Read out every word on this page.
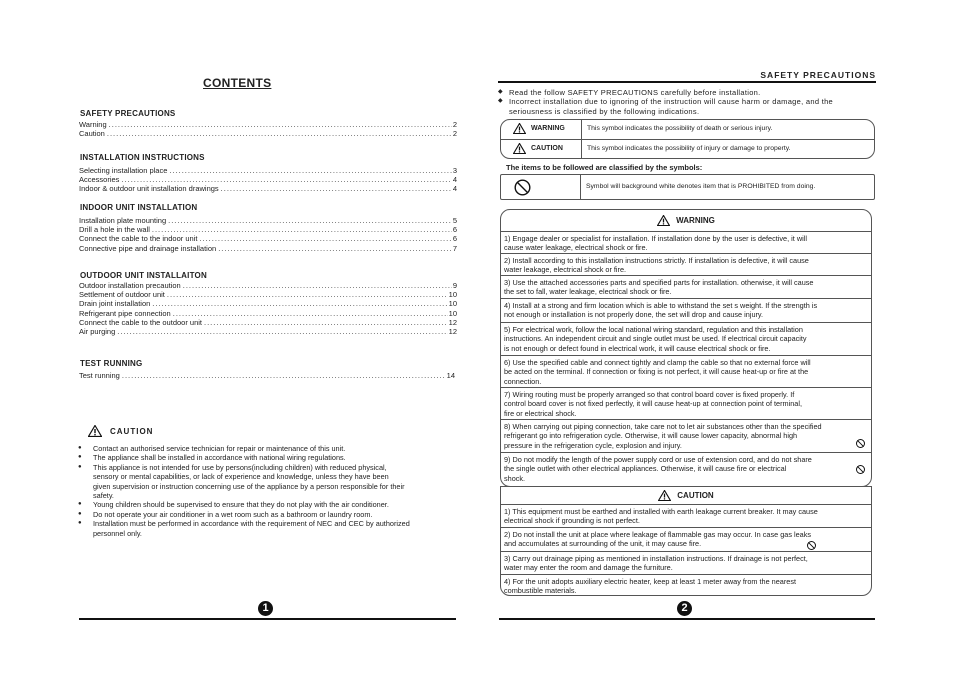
CONTENTS
SAFETY PRECAUTIONS
Warning .....	2
Caution .....	2
INSTALLATION INSTRUCTIONS
Selecting installation place .....	3
Accessories .....	4
Indoor & outdoor unit installation drawings .....	4
INDOOR UNIT INSTALLATION
Installation plate mounting .....	5
Drill a hole in the wall .....	6
Connect the cable to the indoor unit .....	6
Connective pipe and drainage installation .....	7
OUTDOOR UNIT INSTALLAITON
Outdoor installation precaution .....	9
Settlement of outdoor unit .....	10
Drain joint installation .....	10
Refrigerant pipe connection .....	10
Connect the cable to the outdoor unit .....	12
Air purging .....	12
TEST RUNNING
Test running .....	14
CAUTION
● Contact an authorised service technician for repair or maintenance of this unit.
● The appliance shall be installed in accordance with national wiring regulations.
● This appliance is not intended for use by persons(including children) with reduced physical, sensory or mental capabilities, or lack of experience and knowledge, unless they have been given supervision or instruction concerning use of the appliance by a person responsible for their safety.
● Young children should be supervised to ensure that they do not play with the air conditioner.
● Do not operate your air conditioner in a wet room such as a bathroom or laundry room.
● Installation must be performed in accordance with the requirement of NEC and CEC by authorized personnel only.
1
SAFETY PRECAUTIONS
◆ Read the follow SAFETY PRECAUTIONS carefully before installation.
◆ Incorrect installation due to ignoring of the instruction will cause harm or damage, and the seriousness is classified by the following indications.
WARNING	This symbol indicates the possibility of death or serious injury.
CAUTION	This symbol indicates the possibility of injury or damage to property.
The items to be followed are classified by the symbols:
Symbol will background white denotes item that is PROHIBITED from doing.
WARNING
1) Engage dealer or specialist for installation. If installation done by the user is defective, it will
cause water leakage, electrical shock or fire.
2) Install according to this installation instructions strictly. If installation is defective, it will cause
water leakage, electrical shock or fire.
3) Use the attached accessories parts and specified parts for installation. otherwise, it will cause
the set to fall, water leakage, electrical shock or fire.
4) Install at a strong and firm location which is able to withstand the set s weight. If the strength is
not enough or installation is not properly done, the set will drop and cause injury.
5) For electrical work, follow the local national wiring standard, regulation and this installation
instructions. An independent circuit and single outlet must be used. If electrical circuit capacity
is not enough or defect found in electrical work, it will cause electrical shock or fire.
6) Use the specified cable and connect tightly and clamp the cable so that no external force will
be acted on the terminal. If connection or fixing is not perfect, it will cause heat-up or fire at the
connection.
7) Wiring routing must be properly arranged so that control board cover is fixed properly. If
control board cover is not fixed perfectly, it will cause heat-up at connection point of terminal,
fire or electrical shock.
8) When carrying out piping connection, take care not to let air substances other than the specified
refrigerant go into refrigeration cycle. Otherwise, it will cause lower capacity, abnormal high
pressure in the refrigeration cycle, explosion and injury.
9) Do not modify the length of the power supply cord or use of extension cord, and do not share
the single outlet with other electrical appliances. Otherwise, it will cause fire or electrical
shock.
CAUTION
1) This equipment must be earthed and installed with earth leakage current breaker. It may cause
electrical shock if grounding is not perfect.
2) Do not install the unit at place where leakage of flammable gas may occur. In case gas leaks
and accumulates at surrounding of the unit, it may cause fire.
3) Carry out drainage piping as mentioned in installation instructions. If drainage is not perfect,
water may enter the room and damage the furniture.
4) For the unit adopts auxiliary electric heater, keep at least 1 meter away from the nearest
combustible materials.
2
